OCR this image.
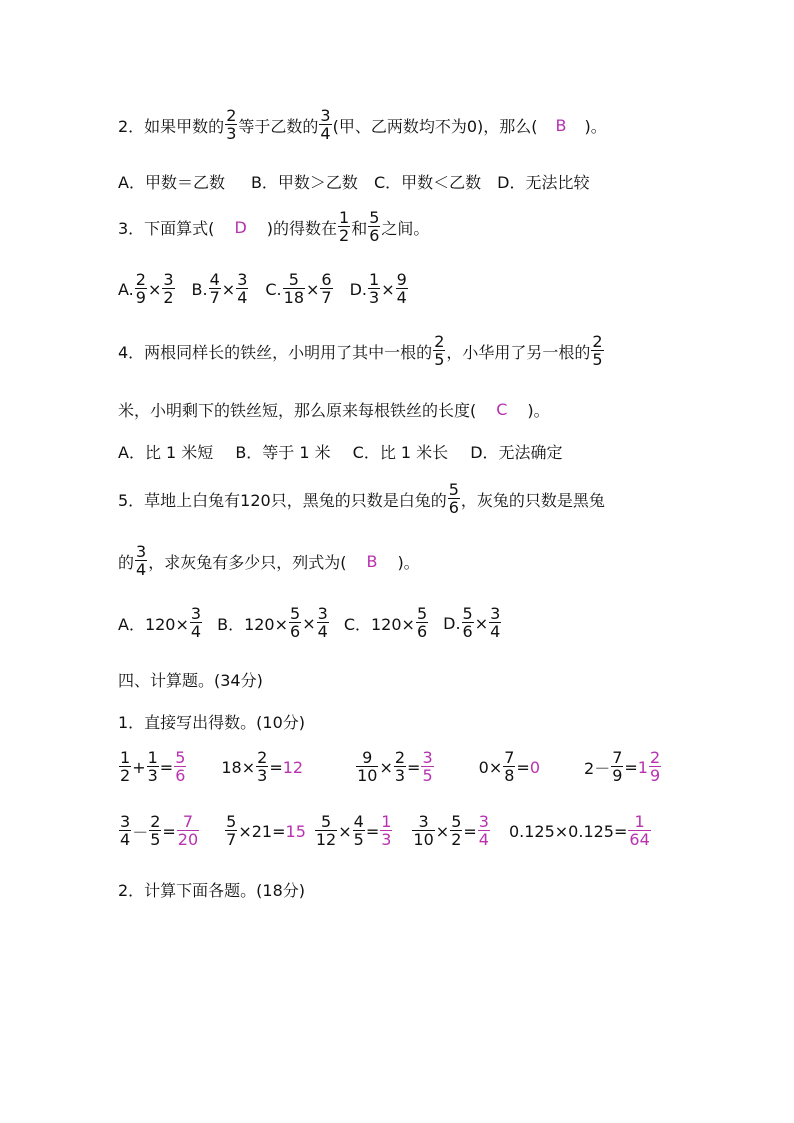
2．如果甲数的 $\frac{2}{3}$ 等于乙数的 $\frac{3}{4}$ (甲、乙两数均不为0)，那么( B )。
A．甲数＝乙数 B．甲数＞乙数 C．甲数＜乙数 D．无法比较
3．下面算式( D )的得数在 $\frac{1}{2}$ 和 $\frac{5}{6}$ 之间。
A. $\frac{2}{9} \times \frac{3}{2} B$. $\frac{4}{7} \times \frac{3}{4} C$. $\frac{5}{18} \times \frac{6}{7} D$. $\frac{1}{3} \times \frac{9}{4}$
4．两根同样长的铁丝，小明用了其中一根的 $\frac{2}{5}$ ，小华用了另一根的 $\frac{2}{5}$
米，小明剩下的铁丝短，那么原来每根铁丝的长度( C )。
A．比 1 米短 B．等于 1 米 C．比 1 米长 D．无法确定
5．草地上白兔有120只，黑兔的只数是白兔的 $\frac{5}{6}$ ，灰兔的只数是黑兔
的 $\frac{3}{4}$ ，求灰兔有多少只，列式为( B )。
A．$120\times \frac{3}{4}$ B．$120\times \frac{5}{6} \times \frac{3}{4}$ C．$120\times \frac{5}{6} D$. $\frac{5}{6} \times \frac{3}{4}$
四、计算题。(34分)
1．直接写出得数。(10分)
$\frac{1}{2} + \frac{1}{3} = \frac{5}{6} 18\times \frac{2}{3} = 12$	$\frac{9}{10} \times \frac{2}{3} = \frac{3}{5}$	$0\times \frac{7}{8} = 0$	$2- \frac{7}{9} = 1 \frac{2}{9}$
$\frac{3}{4} - \frac{2}{5} = \frac{7}{20} \frac{5}{7} \times 21= 15 \frac{5}{12} \times \frac{4}{5} = \frac{1}{3} \frac{3}{10} \times \frac{5}{2} = \frac{3}{4} 0.125\times 0.125= \frac{1}{64}$
2．计算下面各题。(18分)
